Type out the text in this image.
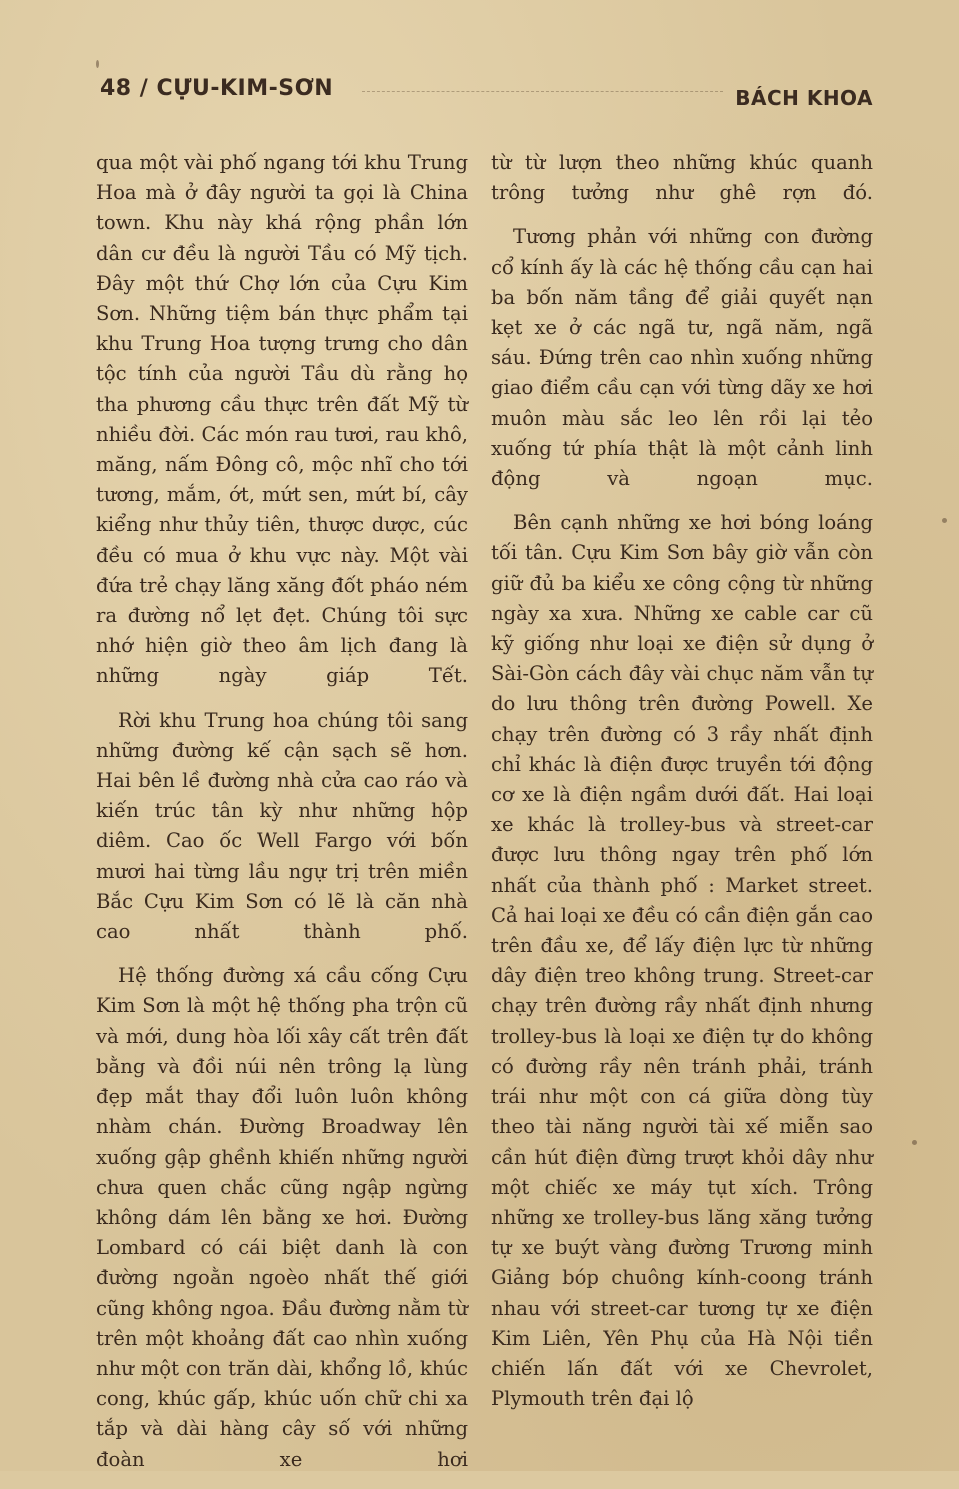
48 / CỰU-KIM-SƠN	BÁCH KHOA

qua một vài phố ngang tới khu Trung Hoa mà ở đây người ta gọi là China town. Khu này khá rộng phần lớn dân cư đều là người Tầu có Mỹ tịch. Đây một thứ Chợ lớn của Cựu Kim Sơn. Những tiệm bán thực phẩm tại khu Trung Hoa tượng trưng cho dân tộc tính của người Tầu dù rằng họ tha phương cầu thực trên đất Mỹ từ nhiều đời. Các món rau tươi, rau khô, măng, nấm Đông cô, mộc nhĩ cho tới tương, mắm, ớt, mứt sen, mứt bí, cây kiểng như thủy tiên, thược dược, cúc đều có mua ở khu vực này. Một vài đứa trẻ chạy lăng xăng đốt pháo ném ra đường nổ lẹt đẹt. Chúng tôi sực nhớ hiện giờ theo âm lịch đang là những ngày giáp Tết.

Rời khu Trung hoa chúng tôi sang những đường kế cận sạch sẽ hơn. Hai bên lề đường nhà cửa cao ráo và kiến trúc tân kỳ như những hộp diêm. Cao ốc Well Fargo với bốn mươi hai từng lầu ngự trị trên miền Bắc Cựu Kim Sơn có lẽ là căn nhà cao nhất thành phố.

Hệ thống đường xá cầu cống Cựu Kim Sơn là một hệ thống pha trộn cũ và mới, dung hòa lối xây cất trên đất bằng và đồi núi nên trông lạ lùng đẹp mắt thay đổi luôn luôn không nhàm chán. Đường Broadway lên xuống gập ghềnh khiến những người chưa quen chắc cũng ngập ngừng không dám lên bằng xe hơi. Đường Lombard có cái biệt danh là con đường ngoằn ngoèo nhất thế giới cũng không ngoa. Đầu đường nằm từ trên một khoảng đất cao nhìn xuống như một con trăn dài, khổng lồ, khúc cong, khúc gấp, khúc uốn chữ chi xa tắp và dài hàng cây số với những đoàn xe hơi

từ từ lượn theo những khúc quanh trông tưởng như ghê rợn đó.

Tương phản với những con đường cổ kính ấy là các hệ thống cầu cạn hai ba bốn năm tầng để giải quyết nạn kẹt xe ở các ngã tư, ngã năm, ngã sáu. Đứng trên cao nhìn xuống những giao điểm cầu cạn với từng dãy xe hơi muôn màu sắc leo lên rồi lại tẻo xuống tứ phía thật là một cảnh linh động và ngoạn mục.

Bên cạnh những xe hơi bóng loáng tối tân. Cựu Kim Sơn bây giờ vẫn còn giữ đủ ba kiểu xe công cộng từ những ngày xa xưa. Những xe cable car cũ kỹ giống như loại xe điện sử dụng ở Sài-Gòn cách đây vài chục năm vẫn tự do lưu thông trên đường Powell. Xe chạy trên đường có 3 rầy nhất định chỉ khác là điện được truyền tới động cơ xe là điện ngầm dưới đất. Hai loại xe khác là trolley-bus và street-car được lưu thông ngay trên phố lớn nhất của thành phố : Market street. Cả hai loại xe đều có cần điện gắn cao trên đầu xe, để lấy điện lực từ những dây điện treo không trung. Street-car chạy trên đường rầy nhất định nhưng trolley-bus là loại xe điện tự do không có đường rầy nên tránh phải, tránh trái như một con cá giữa dòng tùy theo tài năng người tài xế miễn sao cần hút điện đừng trượt khỏi dây như một chiếc xe máy tụt xích. Trông những xe trolley-bus lăng xăng tưởng tự xe buýt vàng đường Trương minh Giảng bóp chuông kính-coong tránh nhau với street-car tương tự xe điện Kim Liên, Yên Phụ của Hà Nội tiền chiến lấn đất với xe Chevrolet, Plymouth trên đại lộ
